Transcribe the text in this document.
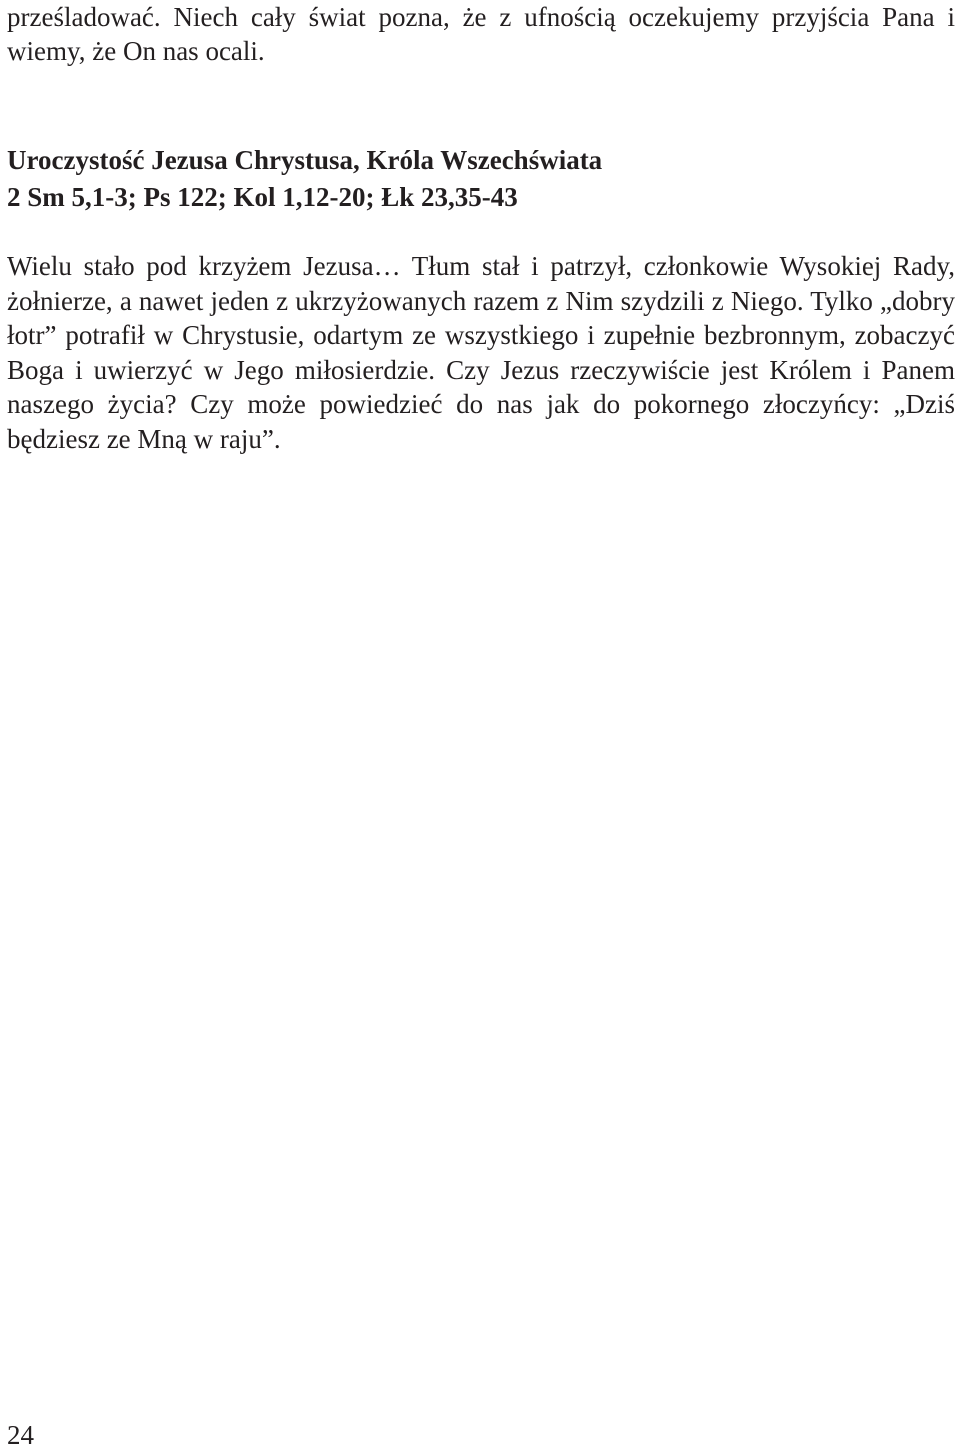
prześladować. Niech cały świat pozna, że z ufnością oczekujemy przyjścia Pana i wiemy, że On nas ocali.

Uroczystość Jezusa Chrystusa, Króla Wszechświata
2 Sm 5,1-3; Ps 122; Kol 1,12-20; Łk 23,35-43

Wielu stało pod krzyżem Jezusa… Tłum stał i patrzył, członkowie Wysokiej Rady, żołnierze, a nawet jeden z ukrzyżowanych razem z Nim szydzili z Niego. Tylko „dobry łotr” potrafił w Chrystusie, odartym ze wszystkiego i zupełnie bezbronnym, zobaczyć Boga i uwierzyć w Jego miłosierdzie. Czy Jezus rzeczywiście jest Królem i Panem naszego życia? Czy może powiedzieć do nas jak do pokornego złoczyńcy: „Dziś będziesz ze Mną w raju”.

24
